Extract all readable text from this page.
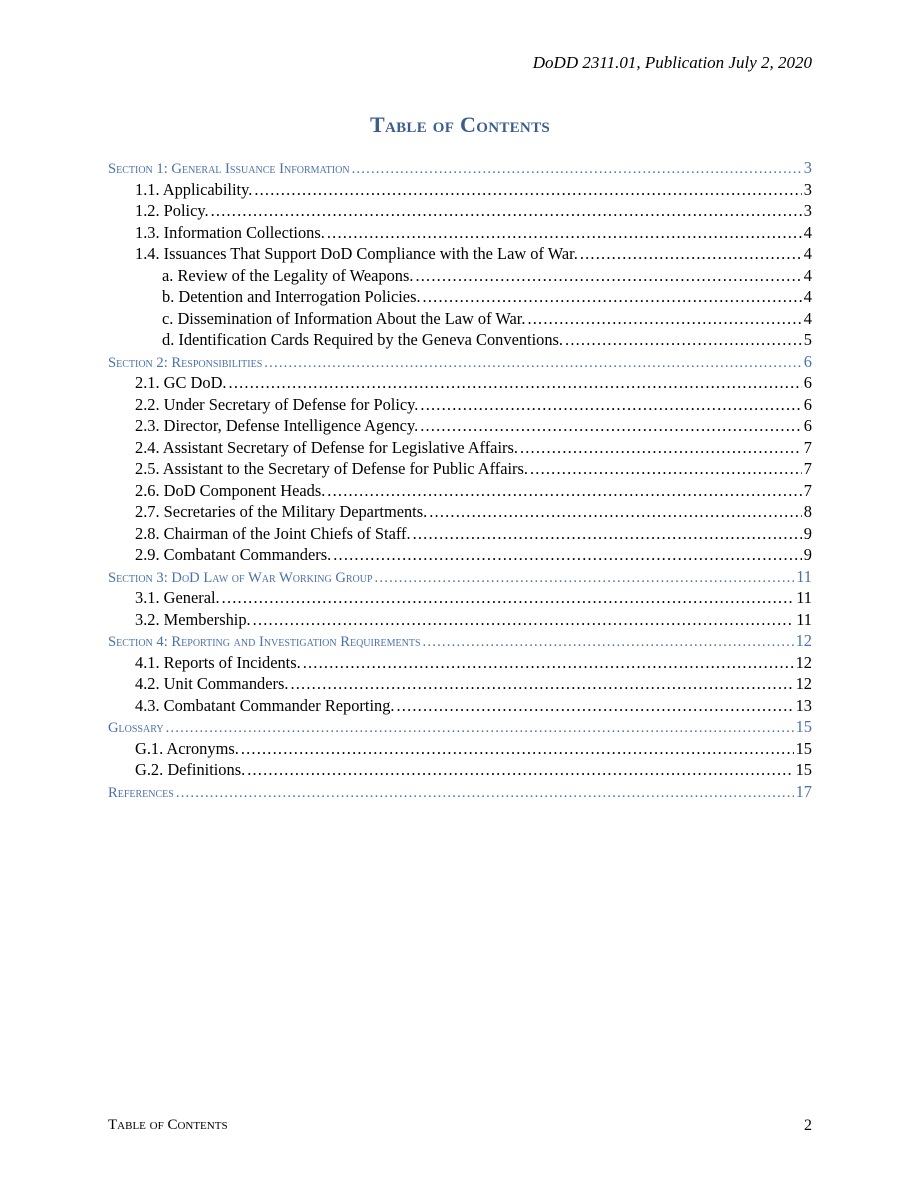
DoDD 2311.01, Publication July 2, 2020
Table of Contents
Section 1: General Issuance Information .....	3
1.1. Applicability. .....	3
1.2. Policy. .....	3
1.3. Information Collections. .....	4
1.4. Issuances That Support DoD Compliance with the Law of War. .....	4
a. Review of the Legality of Weapons. .....	4
b. Detention and Interrogation Policies. .....	4
c. Dissemination of Information About the Law of War. .....	4
d. Identification Cards Required by the Geneva Conventions. .....	5
Section 2: Responsibilities .....	6
2.1. GC DoD. .....	6
2.2. Under Secretary of Defense for Policy. .....	6
2.3. Director, Defense Intelligence Agency. .....	6
2.4. Assistant Secretary of Defense for Legislative Affairs. .....	7
2.5. Assistant to the Secretary of Defense for Public Affairs. .....	7
2.6. DoD Component Heads. .....	7
2.7. Secretaries of the Military Departments. .....	8
2.8. Chairman of the Joint Chiefs of Staff. .....	9
2.9. Combatant Commanders. .....	9
Section 3: DoD Law of War Working Group .....	11
3.1. General. .....	11
3.2. Membership. .....	11
Section 4: Reporting and Investigation Requirements .....	12
4.1. Reports of Incidents. .....	12
4.2. Unit Commanders. .....	12
4.3. Combatant Commander Reporting. .....	13
Glossary .....	15
G.1. Acronyms. .....	15
G.2. Definitions. .....	15
References .....	17
Table of Contents	2
